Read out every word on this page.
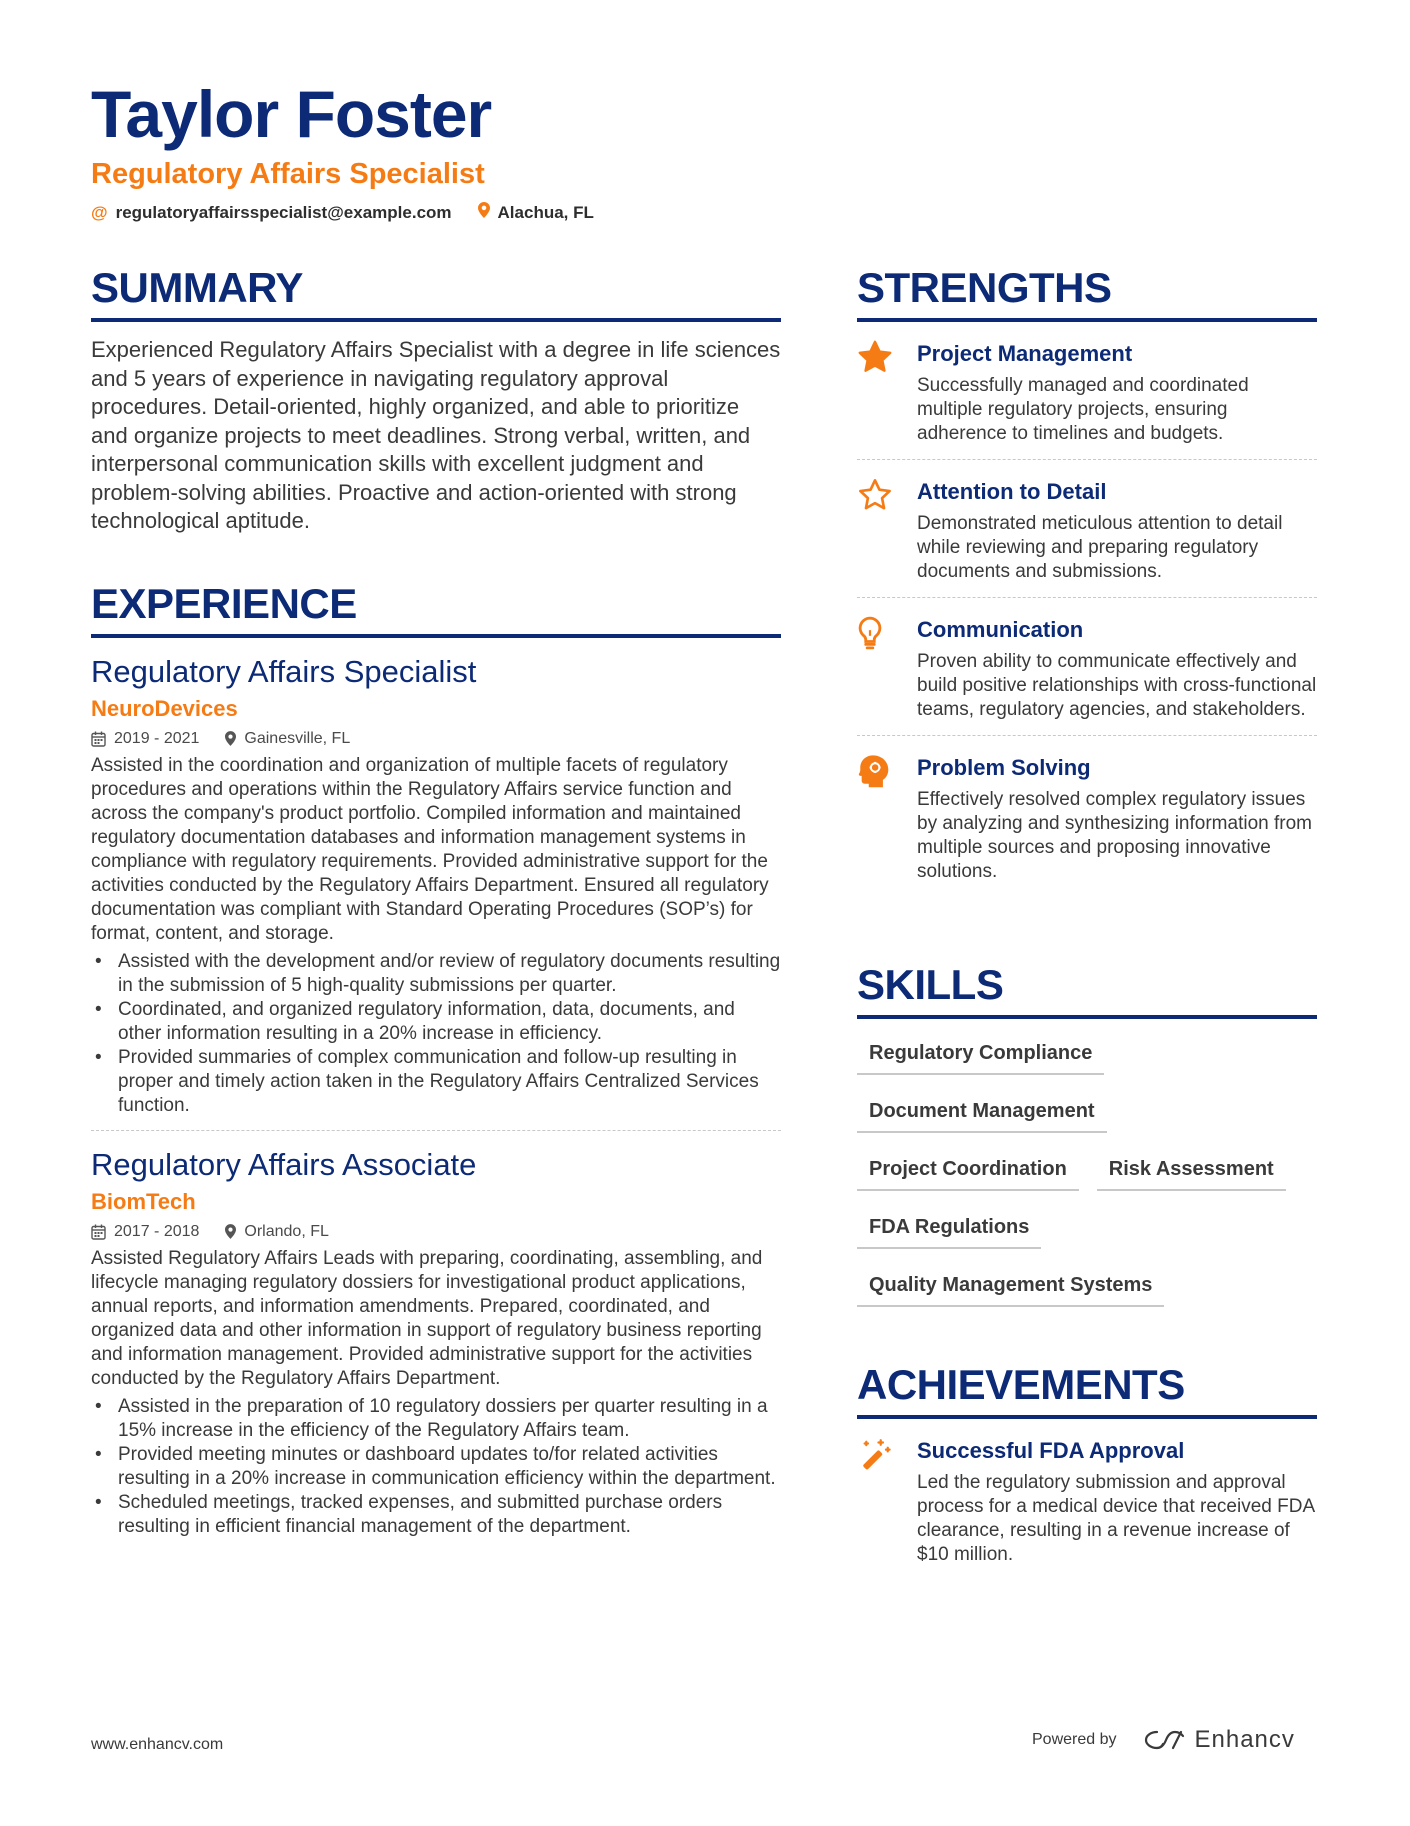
Taylor Foster
Regulatory Affairs Specialist
@ regulatoryaffairsspecialist@example.com	Alachua, FL
SUMMARY

Experienced Regulatory Affairs Specialist with a degree in life sciences and 5 years of experience in navigating regulatory approval procedures. Detail-oriented, highly organized, and able to prioritize and organize projects to meet deadlines. Strong verbal, written, and interpersonal communication skills with excellent judgment and problem-solving abilities. Proactive and action-oriented with strong technological aptitude.

EXPERIENCE
Regulatory Affairs Specialist
NeuroDevices
2019 - 2021	Gainesville, FL

Assisted in the coordination and organization of multiple facets of regulatory procedures and operations within the Regulatory Affairs service function and across the company's product portfolio. Compiled information and maintained regulatory documentation databases and information management systems in compliance with regulatory requirements. Provided administrative support for the activities conducted by the Regulatory Affairs Department. Ensured all regulatory documentation was compliant with Standard Operating Procedures (SOP’s) for format, content, and storage.

• Assisted with the development and/or review of regulatory documents resulting in the submission of 5 high-quality submissions per quarter.
• Coordinated, and organized regulatory information, data, documents, and other information resulting in a 20% increase in efficiency.
• Provided summaries of complex communication and follow-up resulting in proper and timely action taken in the Regulatory Affairs Centralized Services function.
Regulatory Affairs Associate
BiomTech
2017 - 2018	Orlando, FL

Assisted Regulatory Affairs Leads with preparing, coordinating, assembling, and lifecycle managing regulatory dossiers for investigational product applications, annual reports, and information amendments. Prepared, coordinated, and organized data and other information in support of regulatory business reporting and information management. Provided administrative support for the activities conducted by the Regulatory Affairs Department.

• Assisted in the preparation of 10 regulatory dossiers per quarter resulting in a 15% increase in the efficiency of the Regulatory Affairs team.
• Provided meeting minutes or dashboard updates to/for related activities resulting in a 20% increase in communication efficiency within the department.
• Scheduled meetings, tracked expenses, and submitted purchase orders resulting in efficient financial management of the department.
STRENGTHS
Project Management
Successfully managed and coordinated multiple regulatory projects, ensuring adherence to timelines and budgets.
Attention to Detail
Demonstrated meticulous attention to detail while reviewing and preparing regulatory documents and submissions.
Communication
Proven ability to communicate effectively and build positive relationships with cross-functional teams, regulatory agencies, and stakeholders.
Problem Solving
Effectively resolved complex regulatory issues by analyzing and synthesizing information from multiple sources and proposing innovative solutions.
SKILLS
Regulatory Compliance
Document Management
Project Coordination	Risk Assessment
FDA Regulations
Quality Management Systems
ACHIEVEMENTS
Successful FDA Approval
Led the regulatory submission and approval process for a medical device that received FDA clearance, resulting in a revenue increase of $10 million.
www.enhancv.com	Powered by	Enhancv
